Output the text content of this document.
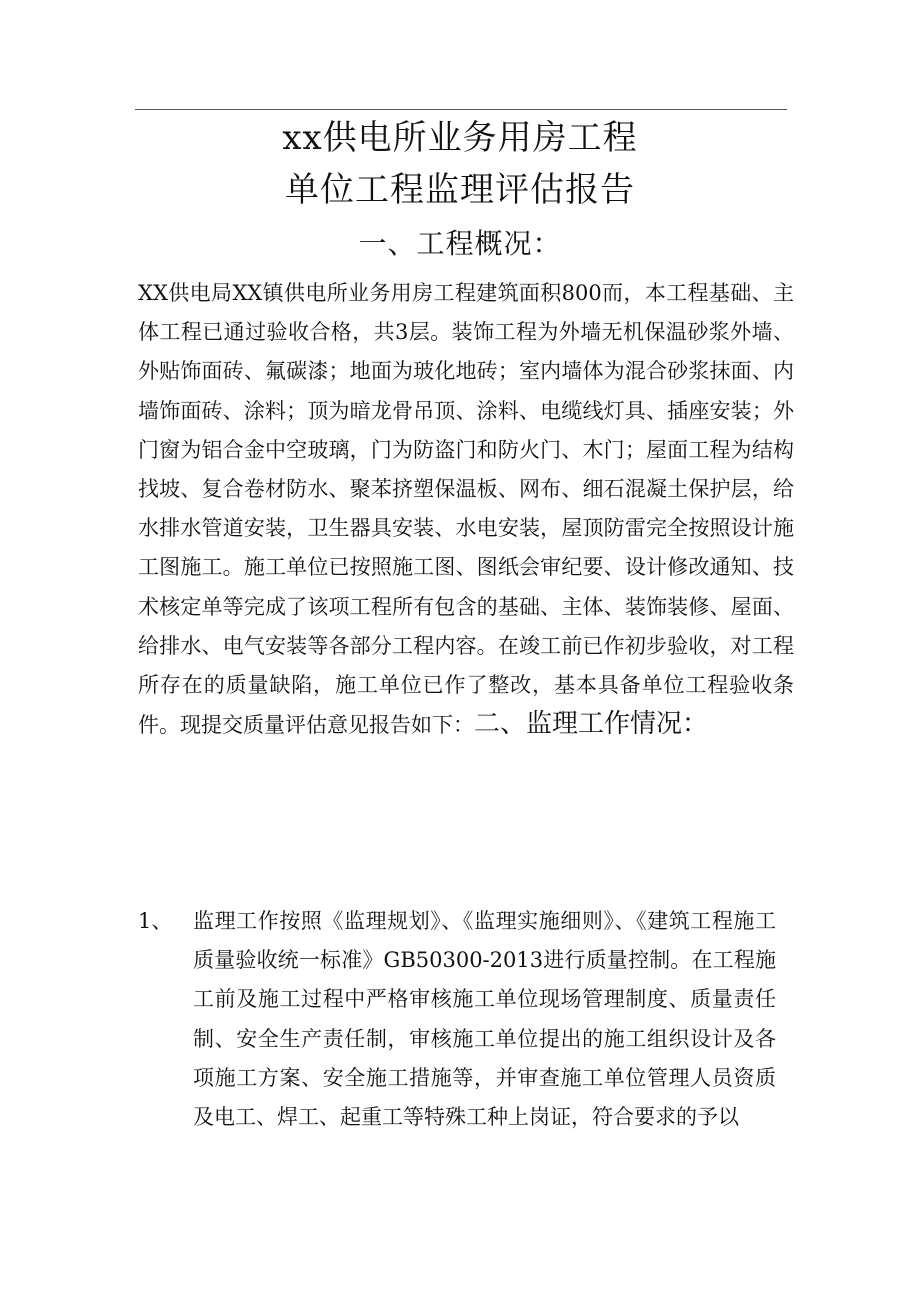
xx供电所业务用房工程
单位工程监理评估报告
一、工程概况：

XX供电局XX镇供电所业务用房工程建筑面积800而，本工程基础、主体工程已通过验收合格，共3层。装饰工程为外墙无机保温砂浆外墙、外贴饰面砖、氟碳漆；地面为玻化地砖；室内墙体为混合砂浆抹面、内墙饰面砖、涂料；顶为暗龙骨吊顶、涂料、电缆线灯具、插座安装；外门窗为铝合金中空玻璃，门为防盗门和防火门、木门；屋面工程为结构找坡、复合卷材防水、聚苯挤塑保温板、网布、细石混凝土保护层，给水排水管道安装，卫生器具安装、水电安装，屋顶防雷完全按照设计施工图施工。施工单位已按照施工图、图纸会审纪要、设计修改通知、技术核定单等完成了该项工程所有包含的基础、主体、装饰装修、屋面、给排水、电气安装等各部分工程内容。在竣工前已作初步验收，对工程所存在的质量缺陷，施工单位已作了整改，基本具备单位工程验收条件。现提交质量评估意见报告如下：二、监理工作情况：

1、 监理工作按照《监理规划》、《监理实施细则》、《建筑工程施工质量验收统一标准》GB50300-2013进行质量控制。在工程施工前及施工过程中严格审核施工单位现场管理制度、质量责任制、安全生产责任制，审核施工单位提出的施工组织设计及各项施工方案、安全施工措施等，并审查施工单位管理人员资质及电工、焊工、起重工等特殊工种上岗证，符合要求的予以
